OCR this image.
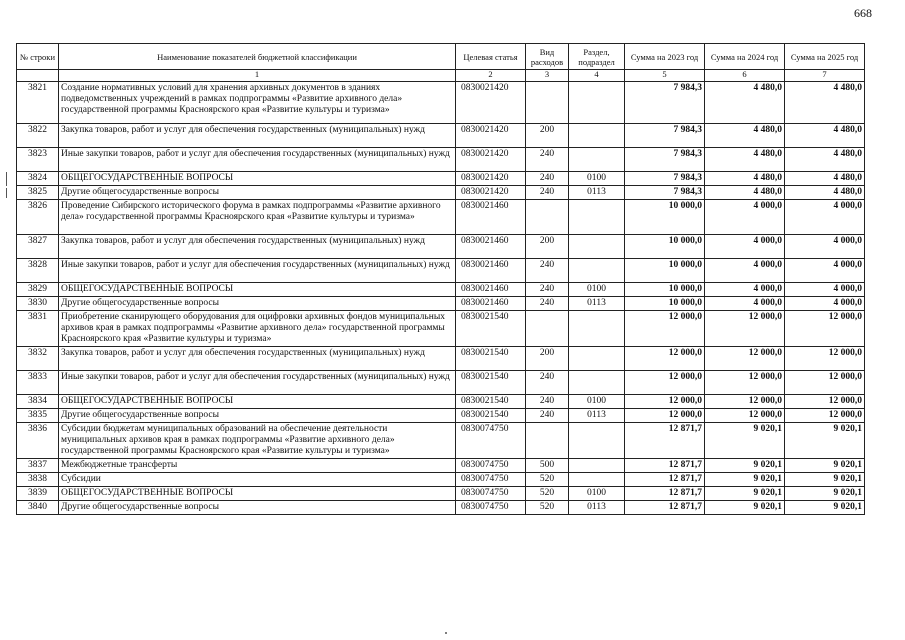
668
№ строки	Наименование показателей бюджетной классификации	Целевая статья	Вид расходов	Раздел, подраздел	Сумма на 2023 год	Сумма на 2024 год	Сумма на 2025 год
	1	2	3	4	5	6	7
3821	Создание нормативных условий для хранения архивных документов в зданиях подведомственных учреждений в рамках подпрограммы «Развитие архивного дела» государственной программы Красноярского края «Развитие культуры и туризма»	0830021420			7 984,3	4 480,0	4 480,0
3822	Закупка товаров, работ и услуг для обеспечения государственных (муниципальных) нужд	0830021420	200		7 984,3	4 480,0	4 480,0
3823	Иные закупки товаров, работ и услуг для обеспечения государственных (муниципальных) нужд	0830021420	240		7 984,3	4 480,0	4 480,0
3824	ОБЩЕГОСУДАРСТВЕННЫЕ ВОПРОСЫ	0830021420	240	0100	7 984,3	4 480,0	4 480,0
3825	Другие общегосударственные вопросы	0830021420	240	0113	7 984,3	4 480,0	4 480,0
3826	Проведение Сибирского исторического форума в рамках подпрограммы «Развитие архивного дела» государственной программы Красноярского края «Развитие культуры и туризма»	0830021460			10 000,0	4 000,0	4 000,0
3827	Закупка товаров, работ и услуг для обеспечения государственных (муниципальных) нужд	0830021460	200		10 000,0	4 000,0	4 000,0
3828	Иные закупки товаров, работ и услуг для обеспечения государственных (муниципальных) нужд	0830021460	240		10 000,0	4 000,0	4 000,0
3829	ОБЩЕГОСУДАРСТВЕННЫЕ ВОПРОСЫ	0830021460	240	0100	10 000,0	4 000,0	4 000,0
3830	Другие общегосударственные вопросы	0830021460	240	0113	10 000,0	4 000,0	4 000,0
3831	Приобретение сканирующего оборудования для оцифровки архивных фондов муниципальных архивов края в рамках подпрограммы «Развитие архивного дела» государственной программы Красноярского края «Развитие культуры и туризма»	0830021540			12 000,0	12 000,0	12 000,0
3832	Закупка товаров, работ и услуг для обеспечения государственных (муниципальных) нужд	0830021540	200		12 000,0	12 000,0	12 000,0
3833	Иные закупки товаров, работ и услуг для обеспечения государственных (муниципальных) нужд	0830021540	240		12 000,0	12 000,0	12 000,0
3834	ОБЩЕГОСУДАРСТВЕННЫЕ ВОПРОСЫ	0830021540	240	0100	12 000,0	12 000,0	12 000,0
3835	Другие общегосударственные вопросы	0830021540	240	0113	12 000,0	12 000,0	12 000,0
3836	Субсидии бюджетам муниципальных образований на обеспечение деятельности муниципальных архивов края в рамках подпрограммы «Развитие архивного дела» государственной программы Красноярского края «Развитие культуры и туризма»	0830074750			12 871,7	9 020,1	9 020,1
3837	Межбюджетные трансферты	0830074750	500		12 871,7	9 020,1	9 020,1
3838	Субсидии	0830074750	520		12 871,7	9 020,1	9 020,1
3839	ОБЩЕГОСУДАРСТВЕННЫЕ ВОПРОСЫ	0830074750	520	0100	12 871,7	9 020,1	9 020,1
3840	Другие общегосударственные вопросы	0830074750	520	0113	12 871,7	9 020,1	9 020,1
